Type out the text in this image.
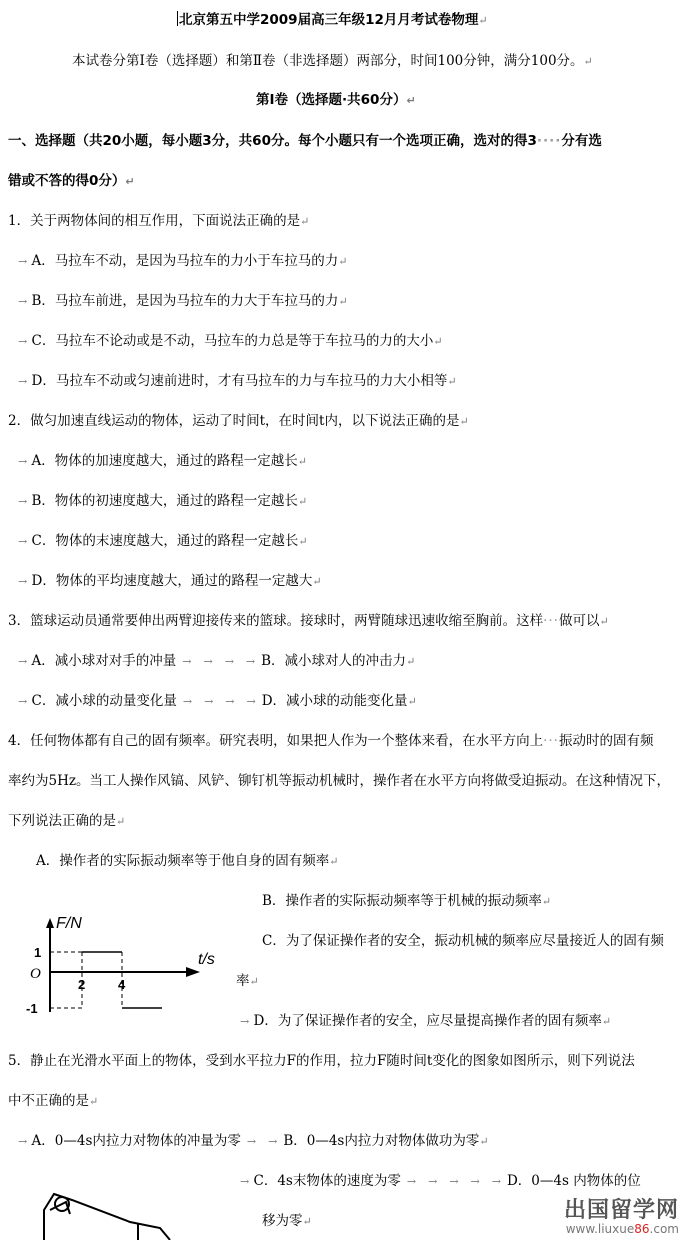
北京第五中学2009届高三年级12月月考试卷物理↵
本试卷分第Ⅰ卷（选择题）和第Ⅱ卷（非选择题）两部分，时间100分钟，满分100分。↵
第Ⅰ卷（选择题·共60分）↵
一、选择题（共20小题，每小题3分，共60分。每个小题只有一个选项正确，选对的得3····分有选
错或不答的得0分）↵
1．关于两物体间的相互作用，下面说法正确的是↵
→ A．马拉车不动，是因为马拉车的力小于车拉马的力↵
→ B．马拉车前进，是因为马拉车的力大于车拉马的力↵
→ C．马拉车不论动或是不动，马拉车的力总是等于车拉马的力的大小↵
→ D．马拉车不动或匀速前进时，才有马拉车的力与车拉马的力大小相等↵
2．做匀加速直线运动的物体，运动了时间t，在时间t内，以下说法正确的是↵
→ A．物体的加速度越大，通过的路程一定越长↵
→ B．物体的初速度越大，通过的路程一定越长↵
→ C．物体的末速度越大，通过的路程一定越长↵
→ D．物体的平均速度越大，通过的路程一定越大↵
3．篮球运动员通常要伸出两臂迎接传来的篮球。接球时，两臂随球迅速收缩至胸前。这样···做可以↵
→ A．减小球对对手的冲量 → → → → B．减小球对人的冲击力↵
→ C．减小球的动量变化量 → → → → D．减小球的动能变化量↵
4．任何物体都有自己的固有频率。研究表明，如果把人作为一个整体来看，在水平方向上···振动时的固有频
率约为5Hz。当工人操作风镐、风铲、铆钉机等振动机械时，操作者在水平方向将做受迫振动。在这种情况下，
下列说法正确的是↵
A．操作者的实际振动频率等于他自身的固有频率↵
B．操作者的实际振动频率等于机械的振动频率↵
C．为了保证操作者的安全，振动机械的频率应尽量接近人的固有频
率↵
→ D．为了保证操作者的安全，应尽量提高操作者的固有频率↵
F/N
t/s
O
1
-1
2	4
5．静止在光滑水平面上的物体，受到水平拉力F的作用，拉力F随时间t变化的图象如图所示，则下列说法
中不正确的是↵
→ A．0—4s内拉力对物体的冲量为零 → → B．0—4s内拉力对物体做功为零↵
→ C．4s末物体的速度为零 → → → → → D．0—4s 内物体的位
移为零↵	出国留学网
www.liuxue86.com
